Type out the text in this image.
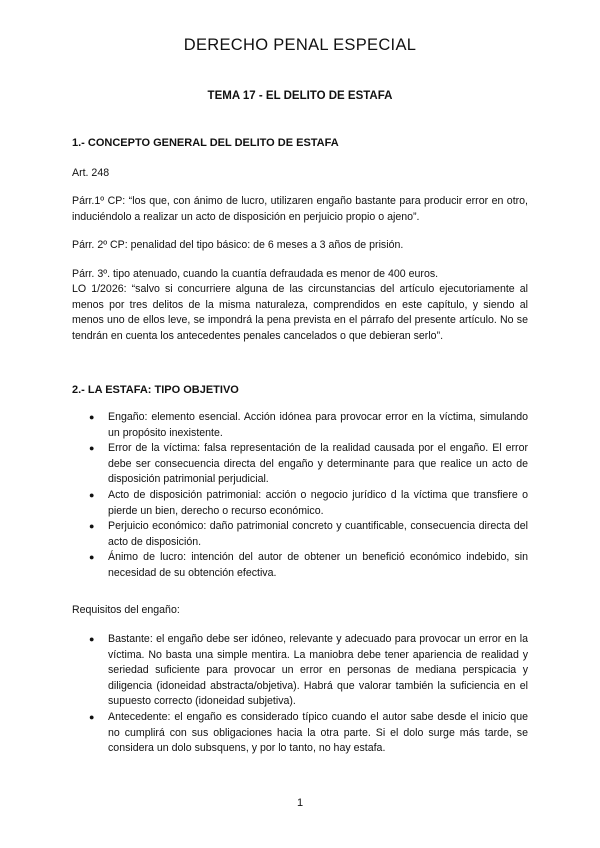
DERECHO PENAL ESPECIAL
TEMA 17 - EL DELITO DE ESTAFA
1.- CONCEPTO GENERAL DEL DELITO DE ESTAFA
Art. 248
Párr.1º CP: “los que, con ánimo de lucro, utilizaren engaño bastante para producir error en otro, induciéndolo a realizar un acto de disposición en perjuicio propio o ajeno”.
Párr. 2º CP: penalidad del tipo básico: de 6 meses a 3 años de prisión.
Párr. 3º. tipo atenuado, cuando la cuantía defraudada es menor de 400 euros.
LO 1/2026: “salvo si concurriere alguna de las circunstancias del artículo ejecutoriamente al menos por tres delitos de la misma naturaleza, comprendidos en este capítulo, y siendo al menos uno de ellos leve, se impondrá la pena prevista en el párrafo del presente artículo. No se tendrán en cuenta los antecedentes penales cancelados o que debieran serlo”.
2.- LA ESTAFA: TIPO OBJETIVO
● Engaño: elemento esencial. Acción idónea para provocar error en la víctima, simulando un propósito inexistente.
● Error de la víctima: falsa representación de la realidad causada por el engaño. El error debe ser consecuencia directa del engaño y determinante para que realice un acto de disposición patrimonial perjudicial.
● Acto de disposición patrimonial: acción o negocio jurídico d la víctima que transfiere o pierde un bien, derecho o recurso económico.
● Perjuicio económico: daño patrimonial concreto y cuantificable, consecuencia directa del acto de disposición.
● Ánimo de lucro: intención del autor de obtener un benefició económico indebido, sin necesidad de su obtención efectiva.
Requisitos del engaño:
● Bastante: el engaño debe ser idóneo, relevante y adecuado para provocar un error en la víctima. No basta una simple mentira. La maniobra debe tener apariencia de realidad y seriedad suficiente para provocar un error en personas de mediana perspicacia y diligencia (idoneidad abstracta/objetiva). Habrá que valorar también la suficiencia en el supuesto correcto (idoneidad subjetiva).
● Antecedente: el engaño es considerado típico cuando el autor sabe desde el inicio que no cumplirá con sus obligaciones hacia la otra parte. Si el dolo surge más tarde, se considera un dolo subsquens, y por lo tanto, no hay estafa.
1
